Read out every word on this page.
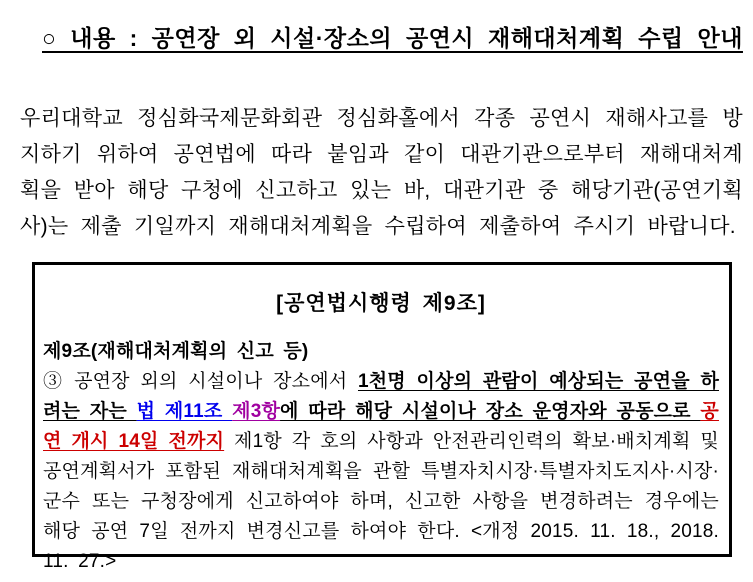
○ 내용 : 공연장 외 시설·장소의 공연시 재해대처계획 수립 안내

우리대학교 정심화국제문화회관 정심화홀에서 각종 공연시 재해사고를 방지하기 위하여 공연법에 따라 붙임과 같이 대관기관으로부터 재해대처계획을 받아 해당 구청에 신고하고 있는 바, 대관기관 중 해당기관(공연기획사)는 제출 기일까지 재해대처계획을 수립하여 제출하여 주시기 바랍니다.

[공연법시행령 제9조]
제9조(재해대처계획의 신고 등)
③ 공연장 외의 시설이나 장소에서 1천명 이상의 관람이 예상되는 공연을 하려는 자는 법 제11조 제3항에 따라 해당 시설이나 장소 운영자와 공동으로 공연 개시 14일 전까지 제1항 각 호의 사항과 안전관리인력의 확보·배치계획 및 공연계획서가 포함된 재해대처계획을 관할 특별자치시장·특별자치도지사·시장·군수 또는 구청장에게 신고하여야 하며, 신고한 사항을 변경하려는 경우에는 해당 공연 7일 전까지 변경신고를 하여야 한다. <개정 2015. 11. 18., 2018. 11. 27.>
